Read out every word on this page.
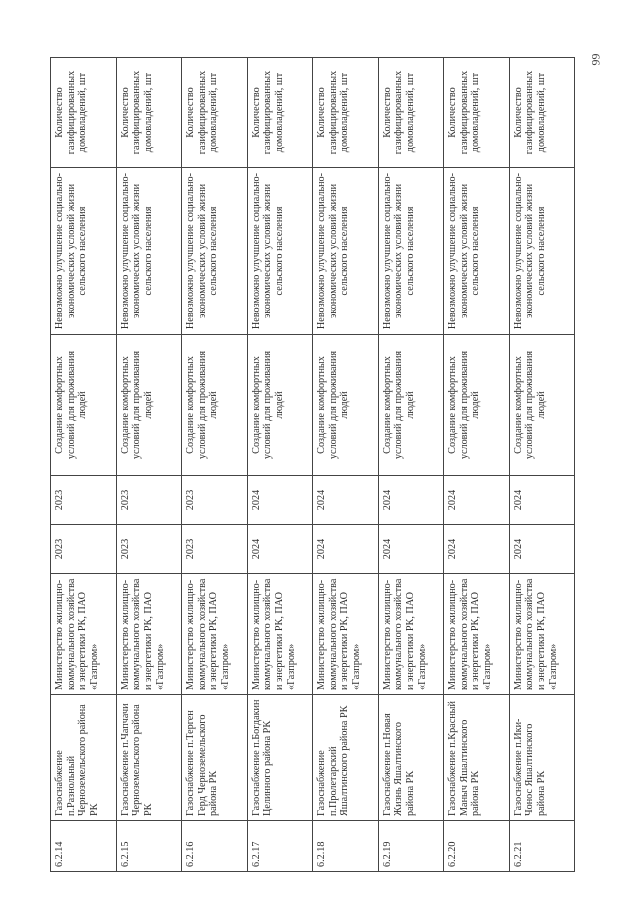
6.2.14	Газоснабжение п.Разнольный Черноземельского района РК	Министерство жилищно-коммунального хозяйства и энергетики РК, ПАО «Газпром»	2023	2023	Создание комфортных условий для проживания людей	Невозможно улучшение социально-экономических условий жизни сельского населения	Количество газифицированных домовладений, шт
6.2.15	Газоснабжение п.Чапчачи Черноземельского района РК	Министерство жилищно-коммунального хозяйства и энергетики РК, ПАО «Газпром»	2023	2023	Создание комфортных условий для проживания людей	Невозможно улучшение социально-экономических условий жизни сельского населения	Количество газифицированных домовладений, шт
6.2.16	Газоснабжение п.Терген Герд Черноземельского района РК	Министерство жилищно-коммунального хозяйства и энергетики РК, ПАО «Газпром»	2023	2023	Создание комфортных условий для проживания людей	Невозможно улучшение социально-экономических условий жизни сельского населения	Количество газифицированных домовладений, шт
6.2.17	Газоснабжение п.Богдакин Целинного района РК	Министерство жилищно-коммунального хозяйства и энергетики РК, ПАО «Газпром»	2024	2024	Создание комфортных условий для проживания людей	Невозможно улучшение социально-экономических условий жизни сельского населения	Количество газифицированных домовладений, шт
6.2.18	Газоснабжение п.Пролетарский Яшалтинского района РК	Министерство жилищно-коммунального хозяйства и энергетики РК, ПАО «Газпром»	2024	2024	Создание комфортных условий для проживания людей	Невозможно улучшение социально-экономических условий жизни сельского населения	Количество газифицированных домовладений, шт
6.2.19	Газоснабжение п.Новая Жизнь Яшалтинского района РК	Министерство жилищно-коммунального хозяйства и энергетики РК, ПАО «Газпром»	2024	2024	Создание комфортных условий для проживания людей	Невозможно улучшение социально-экономических условий жизни сельского населения	Количество газифицированных домовладений, шт
6.2.20	Газоснабжение п.Красный Маныч Яшалтинского района РК	Министерство жилищно-коммунального хозяйства и энергетики РК, ПАО «Газпром»	2024	2024	Создание комфортных условий для проживания людей	Невозможно улучшение социально-экономических условий жизни сельского населения	Количество газифицированных домовладений, шт
6.2.21	Газоснабжение п.Ики-Чонос Яшалтинского района РК	Министерство жилищно-коммунального хозяйства и энергетики РК, ПАО «Газпром»	2024	2024	Создание комфортных условий для проживания людей	Невозможно улучшение социально-экономических условий жизни сельского населения	Количество газифицированных домовладений, шт
99
